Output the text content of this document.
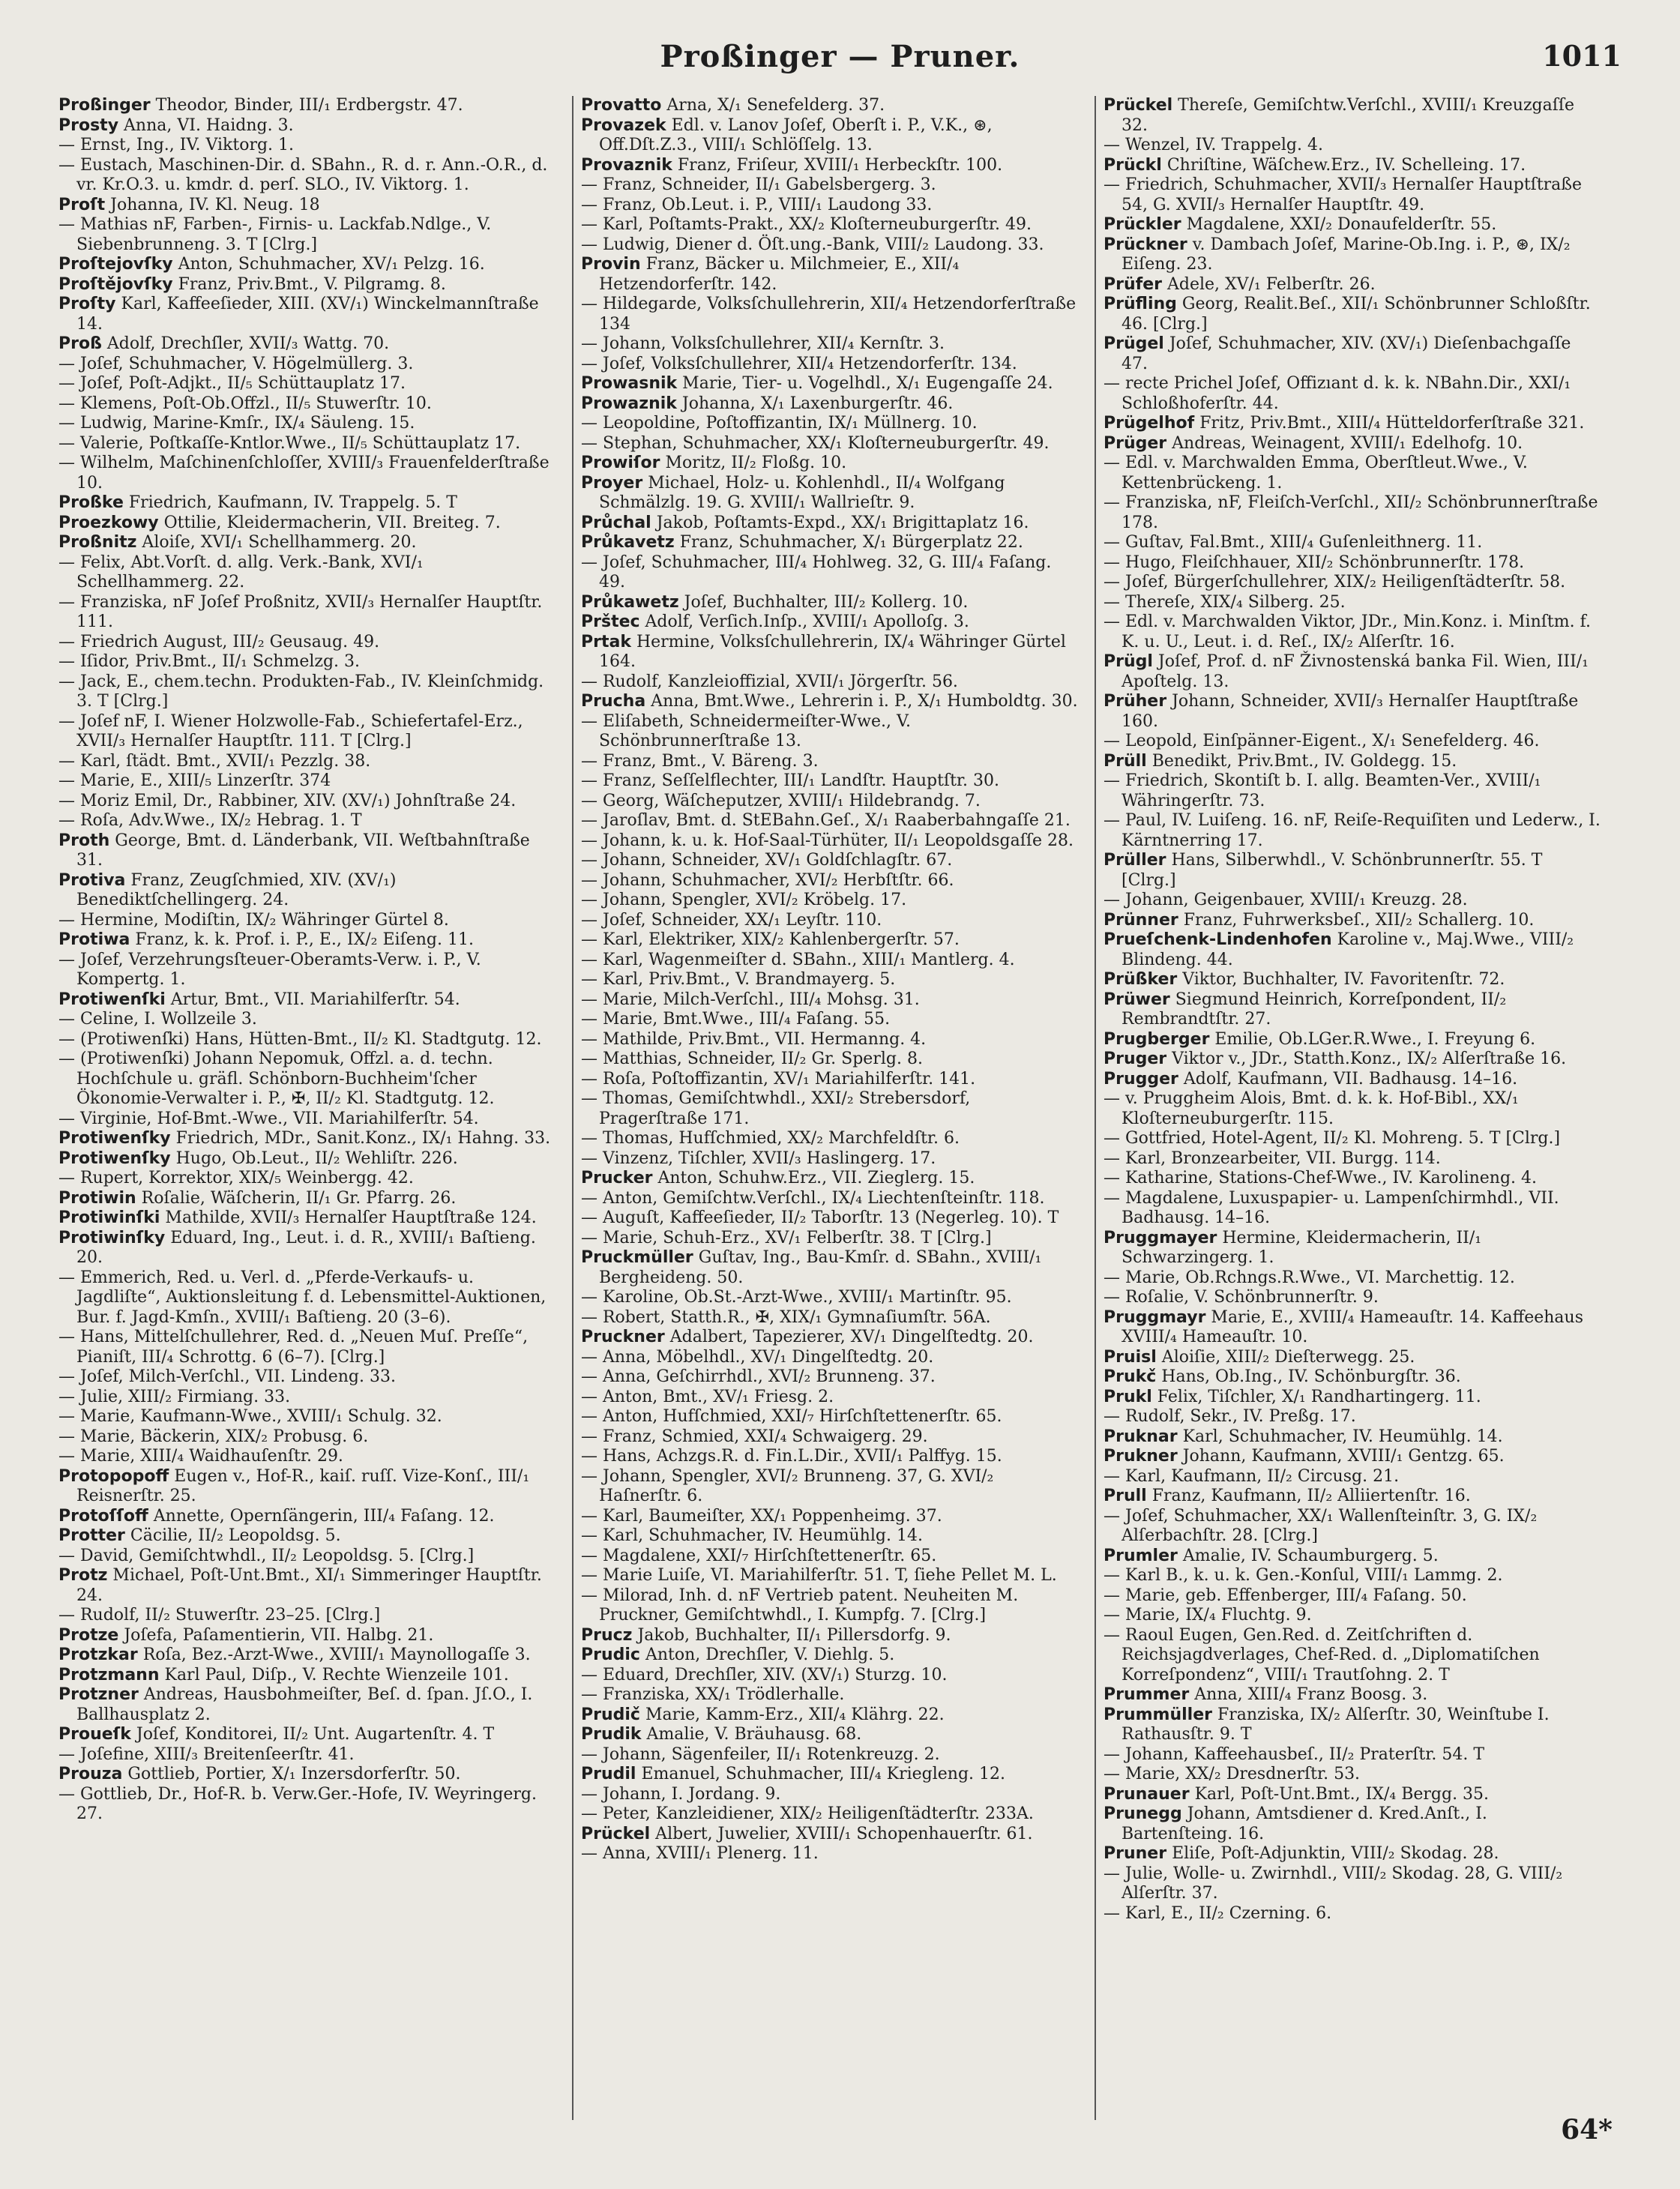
Proßinger — Pruner.	1011

Proßinger Theodor, Binder, III/₁ Erdbergstr. 47.

Prosty Anna, VI. Haidng. 3.

— Ernst, Ing., IV. Viktorg. 1.

— Eustach, Maschinen-Dir. d. SBahn., R. d. r. Ann.-O.R., d. vr. Kr.O.3. u. kmdr. d. perſ. SLO., IV. Viktorg. 1.

Proſt Johanna, IV. Kl. Neug. 18

— Mathias nF, Farben-, Firnis- u. Lackfab.Ndlge., V. Siebenbrunneng. 3. T [Clrg.]

Proſtejovſky Anton, Schuhmacher, XV/₁ Pelzg. 16.

Proſtějovſky Franz, Priv.Bmt., V. Pilgramg. 8.

Proſty Karl, Kaffeeſieder, XIII. (XV/₁) Winckelmannſtraße 14.

Proß Adolf, Drechſler, XVII/₃ Wattg. 70.

— Joſef, Schuhmacher, V. Högelmüllerg. 3.

— Joſef, Poſt-Adjkt., II/₅ Schüttauplatz 17.

— Klemens, Poſt-Ob.Offzl., II/₅ Stuwerſtr. 10.

— Ludwig, Marine-Kmſr., IX/₄ Säuleng. 15.

— Valerie, Poſtkaſſe-Kntlor.Wwe., II/₅ Schüttauplatz 17.

— Wilhelm, Maſchinenſchloſſer, XVIII/₃ Frauenfelderſtraße 10.

Proßke Friedrich, Kaufmann, IV. Trappelg. 5. T

Proezkowy Ottilie, Kleidermacherin, VII. Breiteg. 7.

Proßnitz Aloiſe, XVI/₁ Schellhammerg. 20.

— Felix, Abt.Vorſt. d. allg. Verk.-Bank, XVI/₁ Schellhammerg. 22.

— Franziska, nF Joſef Proßnitz, XVII/₃ Hernalſer Hauptſtr. 111.

— Friedrich August, III/₂ Geusaug. 49.

— Iſidor, Priv.Bmt., II/₁ Schmelzg. 3.

— Jack, E., chem.techn. Produkten-Fab., IV. Kleinſchmidg. 3. T [Clrg.]

— Joſef nF, I. Wiener Holzwolle-Fab., Schiefertafel-Erz., XVII/₃ Hernalſer Hauptſtr. 111. T [Clrg.]

— Karl, ſtädt. Bmt., XVII/₁ Pezzlg. 38.

— Marie, E., XIII/₅ Linzerſtr. 374

— Moriz Emil, Dr., Rabbiner, XIV. (XV/₁) Johnſtraße 24.

— Roſa, Adv.Wwe., IX/₂ Hebrag. 1. T

Proth George, Bmt. d. Länderbank, VII. Weſtbahnſtraße 31.

Protiva Franz, Zeugſchmied, XIV. (XV/₁) Benediktſchellingerg. 24.

— Hermine, Modiſtin, IX/₂ Währinger Gürtel 8.

Protiwa Franz, k. k. Prof. i. P., E., IX/₂ Eiſeng. 11.

— Joſef, Verzehrungsſteuer-Oberamts-Verw. i. P., V. Kompertg. 1.

Protiwenſki Artur, Bmt., VII. Mariahilferſtr. 54.

— Celine, I. Wollzeile 3.

— (Protiwenſki) Hans, Hütten-Bmt., II/₂ Kl. Stadtgutg. 12.

— (Protiwenſki) Johann Nepomuk, Offzl. a. d. techn. Hochſchule u. gräfl. Schönborn-Buchheim'ſcher Ökonomie-Verwalter i. P., ✠, II/₂ Kl. Stadtgutg. 12.

— Virginie, Hof-Bmt.-Wwe., VII. Mariahilferſtr. 54.

Protiwenſky Friedrich, MDr., Sanit.Konz., IX/₁ Hahng. 33.

Protiwenſky Hugo, Ob.Leut., II/₂ Wehliſtr. 226.

— Rupert, Korrektor, XIX/₅ Weinbergg. 42.

Protiwin Roſalie, Wäſcherin, II/₁ Gr. Pfarrg. 26.

Protiwinſki Mathilde, XVII/₃ Hernalſer Hauptſtraße 124.

Protiwinſky Eduard, Ing., Leut. i. d. R., XVIII/₁ Baſtieng. 20.

— Emmerich, Red. u. Verl. d. „Pferde-Verkaufs- u. Jagdliſte“, Auktionsleitung f. d. Lebensmittel-Auktionen, Bur. f. Jagd-Kmſn., XVIII/₁ Baſtieng. 20 (3–6).

— Hans, Mittelſchullehrer, Red. d. „Neuen Muſ. Preſſe“, Pianiſt, III/₄ Schrottg. 6 (6–7). [Clrg.]

— Joſef, Milch-Verſchl., VII. Lindeng. 33.

— Julie, XIII/₂ Firmiang. 33.

— Marie, Kaufmann-Wwe., XVIII/₁ Schulg. 32.

— Marie, Bäckerin, XIX/₂ Probusg. 6.

— Marie, XIII/₄ Waidhauſenſtr. 29.

Protopopoff Eugen v., Hof-R., kaiſ. ruſſ. Vize-Konſ., III/₁ Reisnerſtr. 25.

Protoſſoff Annette, Opernſängerin, III/₄ Faſang. 12.

Protter Cäcilie, II/₂ Leopoldsg. 5.

— David, Gemiſchtwhdl., II/₂ Leopoldsg. 5. [Clrg.]

Protz Michael, Poſt-Unt.Bmt., XI/₁ Simmeringer Hauptſtr. 24.

— Rudolf, II/₂ Stuwerſtr. 23–25. [Clrg.]

Protze Joſefa, Paſamentierin, VII. Halbg. 21.

Protzkar Roſa, Bez.-Arzt-Wwe., XVIII/₁ Maynollogaſſe 3.

Protzmann Karl Paul, Diſp., V. Rechte Wienzeile 101.

Protzner Andreas, Hausbohmeiſter, Beſ. d. ſpan. Jſ.O., I. Ballhausplatz 2.

Proueſk Joſef, Konditorei, II/₂ Unt. Augartenſtr. 4. T

— Joſefine, XIII/₃ Breitenſeerſtr. 41.

Prouza Gottlieb, Portier, X/₁ Inzersdorferſtr. 50.

— Gottlieb, Dr., Hof-R. b. Verw.Ger.-Hofe, IV. Weyringerg. 27.

Provatto Arna, X/₁ Senefelderg. 37.

Provazek Edl. v. Lanov Joſef, Oberſt i. P., V.K., ⊛, Off.Dſt.Z.3., VIII/₁ Schlöſſelg. 13.

Provaznik Franz, Friſeur, XVIII/₁ Herbeckſtr. 100.

— Franz, Schneider, II/₁ Gabelsbergerg. 3.

— Franz, Ob.Leut. i. P., VIII/₁ Laudong 33.

— Karl, Poſtamts-Prakt., XX/₂ Kloſterneuburgerſtr. 49.

— Ludwig, Diener d. Öſt.ung.-Bank, VIII/₂ Laudong. 33.

Provin Franz, Bäcker u. Milchmeier, E., XII/₄ Hetzendorferſtr. 142.

— Hildegarde, Volksſchullehrerin, XII/₄ Hetzendorferſtraße 134

— Johann, Volksſchullehrer, XII/₄ Kernſtr. 3.

— Joſef, Volksſchullehrer, XII/₄ Hetzendorferſtr. 134.

Prowasnik Marie, Tier- u. Vogelhdl., X/₁ Eugengaſſe 24.

Prowaznik Johanna, X/₁ Laxenburgerſtr. 46.

— Leopoldine, Poſtoffizantin, IX/₁ Müllnerg. 10.

— Stephan, Schuhmacher, XX/₁ Kloſterneuburgerſtr. 49.

Prowiſor Moritz, II/₂ Floßg. 10.

Proyer Michael, Holz- u. Kohlenhdl., II/₄ Wolfgang Schmälzlg. 19. G. XVIII/₁ Wallrieſtr. 9.

Průchal Jakob, Poſtamts-Expd., XX/₁ Brigittaplatz 16.

Průkavetz Franz, Schuhmacher, X/₁ Bürgerplatz 22.

— Joſef, Schuhmacher, III/₄ Hohlweg. 32, G. III/₄ Faſang. 49.

Průkawetz Joſef, Buchhalter, III/₂ Kollerg. 10.

Prštec Adolf, Verſich.Inſp., XVIII/₁ Apolloſg. 3.

Prtak Hermine, Volksſchullehrerin, IX/₄ Währinger Gürtel 164.

— Rudolf, Kanzleioffizial, XVII/₁ Jörgerſtr. 56.

Prucha Anna, Bmt.Wwe., Lehrerin i. P., X/₁ Humboldtg. 30.

— Eliſabeth, Schneidermeiſter-Wwe., V. Schönbrunnerſtraße 13.

— Franz, Bmt., V. Bäreng. 3.

— Franz, Seſſelflechter, III/₁ Landſtr. Hauptſtr. 30.

— Georg, Wäſcheputzer, XVIII/₁ Hildebrandg. 7.

— Jaroſlav, Bmt. d. StEBahn.Geſ., X/₁ Raaberbahngaſſe 21.

— Johann, k. u. k. Hof-Saal-Türhüter, II/₁ Leopoldsgaſſe 28.

— Johann, Schneider, XV/₁ Goldſchlagſtr. 67.

— Johann, Schuhmacher, XVI/₂ Herbſtſtr. 66.

— Johann, Spengler, XVI/₂ Kröbelg. 17.

— Joſef, Schneider, XX/₁ Leyſtr. 110.

— Karl, Elektriker, XIX/₂ Kahlenbergerſtr. 57.

— Karl, Wagenmeiſter d. SBahn., XIII/₁ Mantlerg. 4.

— Karl, Priv.Bmt., V. Brandmayerg. 5.

— Marie, Milch-Verſchl., III/₄ Mohsg. 31.

— Marie, Bmt.Wwe., III/₄ Faſang. 55.

— Mathilde, Priv.Bmt., VII. Hermanng. 4.

— Matthias, Schneider, II/₂ Gr. Sperlg. 8.

— Roſa, Poſtoffizantin, XV/₁ Mariahilferſtr. 141.

— Thomas, Gemiſchtwhdl., XXI/₂ Strebersdorf, Pragerſtraße 171.

— Thomas, Hufſchmied, XX/₂ Marchfeldſtr. 6.

— Vinzenz, Tiſchler, XVII/₃ Haslingerg. 17.

Prucker Anton, Schuhw.Erz., VII. Zieglerg. 15.

— Anton, Gemiſchtw.Verſchl., IX/₄ Liechtenſteinſtr. 118.

— Auguſt, Kaffeeſieder, II/₂ Taborſtr. 13 (Negerleg. 10). T

— Marie, Schuh-Erz., XV/₁ Felberſtr. 38. T [Clrg.]

Pruckmüller Guſtav, Ing., Bau-Kmſr. d. SBahn., XVIII/₁ Bergheideng. 50.

— Karoline, Ob.St.-Arzt-Wwe., XVIII/₁ Martinſtr. 95.

— Robert, Statth.R., ✠, XIX/₁ Gymnaſiumſtr. 56A.

Pruckner Adalbert, Tapezierer, XV/₁ Dingelſtedtg. 20.

— Anna, Möbelhdl., XV/₁ Dingelſtedtg. 20.

— Anna, Geſchirrhdl., XVI/₂ Brunneng. 37.

— Anton, Bmt., XV/₁ Friesg. 2.

— Anton, Hufſchmied, XXI/₇ Hirſchſtettenerſtr. 65.

— Franz, Schmied, XXI/₄ Schwaigerg. 29.

— Hans, Achzgs.R. d. Fin.L.Dir., XVII/₁ Palffyg. 15.

— Johann, Spengler, XVI/₂ Brunneng. 37, G. XVI/₂ Haſnerſtr. 6.

— Karl, Baumeiſter, XX/₁ Poppenheimg. 37.

— Karl, Schuhmacher, IV. Heumühlg. 14.

— Magdalene, XXI/₇ Hirſchſtettenerſtr. 65.

— Marie Luiſe, VI. Mariahilferſtr. 51. T, ſiehe Pellet M. L.

— Milorad, Inh. d. nF Vertrieb patent. Neuheiten M. Pruckner, Gemiſchtwhdl., I. Kumpfg. 7. [Clrg.]

Prucz Jakob, Buchhalter, II/₁ Pillersdorfg. 9.

Prudic Anton, Drechſler, V. Diehlg. 5.

— Eduard, Drechſler, XIV. (XV/₁) Sturzg. 10.

— Franziska, XX/₁ Trödlerhalle.

Prudič Marie, Kamm-Erz., XII/₄ Klährg. 22.

Prudik Amalie, V. Bräuhausg. 68.

— Johann, Sägenfeiler, II/₁ Rotenkreuzg. 2.

Prudil Emanuel, Schuhmacher, III/₄ Kriegleng. 12.

— Johann, I. Jordang. 9.

— Peter, Kanzleidiener, XIX/₂ Heiligenſtädterſtr. 233A.

Prückel Albert, Juwelier, XVIII/₁ Schopenhauerſtr. 61.

— Anna, XVIII/₁ Plenerg. 11.

Prückel Thereſe, Gemiſchtw.Verſchl., XVIII/₁ Kreuzgaſſe 32.

— Wenzel, IV. Trappelg. 4.

Prückl Chriſtine, Wäſchew.Erz., IV. Schelleing. 17.

— Friedrich, Schuhmacher, XVII/₃ Hernalſer Hauptſtraße 54, G. XVII/₃ Hernalſer Hauptſtr. 49.

Prückler Magdalene, XXI/₂ Donaufelderſtr. 55.

Prückner v. Dambach Joſef, Marine-Ob.Ing. i. P., ⊛, IX/₂ Eiſeng. 23.

Prüfer Adele, XV/₁ Felberſtr. 26.

Prüfling Georg, Realit.Beſ., XII/₁ Schönbrunner Schloßſtr. 46. [Clrg.]

Prügel Joſef, Schuhmacher, XIV. (XV/₁) Dieſenbachgaſſe 47.

— recte Prichel Joſef, Offizıant d. k. k. NBahn.Dir., XXI/₁ Schloßhoferſtr. 44.

Prügelhof Fritz, Priv.Bmt., XIII/₄ Hütteldorferſtraße 321.

Prüger Andreas, Weinagent, XVIII/₁ Edelhofg. 10.

— Edl. v. Marchwalden Emma, Oberſtleut.Wwe., V. Kettenbrückeng. 1.

— Franziska, nF, Fleiſch-Verſchl., XII/₂ Schönbrunnerſtraße 178.

— Guſtav, Fal.Bmt., XIII/₄ Guſenleithnerg. 11.

— Hugo, Fleiſchhauer, XII/₂ Schönbrunnerſtr. 178.

— Joſef, Bürgerſchullehrer, XIX/₂ Heiligenſtädterſtr. 58.

— Thereſe, XIX/₄ Silberg. 25.

— Edl. v. Marchwalden Viktor, JDr., Min.Konz. i. Minſtm. f. K. u. U., Leut. i. d. Reſ., IX/₂ Alſerſtr. 16.

Prügl Joſef, Prof. d. nF Živnostenská banka Fil. Wien, III/₁ Apoſtelg. 13.

Prüher Johann, Schneider, XVII/₃ Hernalſer Hauptſtraße 160.

— Leopold, Einſpänner-Eigent., X/₁ Senefelderg. 46.

Prüll Benedikt, Priv.Bmt., IV. Goldegg. 15.

— Friedrich, Skontiſt b. I. allg. Beamten-Ver., XVIII/₁ Währingerſtr. 73.

— Paul, IV. Luiſeng. 16. nF, Reiſe-Requiſiten und Lederw., I. Kärntnerring 17.

Prüller Hans, Silberwhdl., V. Schönbrunnerſtr. 55. T [Clrg.]

— Johann, Geigenbauer, XVIII/₁ Kreuzg. 28.

Prünner Franz, Fuhrwerksbeſ., XII/₂ Schallerg. 10.

Prueſchenk-Lindenhofen Karoline v., Maj.Wwe., VIII/₂ Blindeng. 44.

Prüßker Viktor, Buchhalter, IV. Favoritenſtr. 72.

Prüwer Siegmund Heinrich, Korreſpondent, II/₂ Rembrandtſtr. 27.

Prugberger Emilie, Ob.LGer.R.Wwe., I. Freyung 6.

Pruger Viktor v., JDr., Statth.Konz., IX/₂ Alſerſtraße 16.

Prugger Adolf, Kaufmann, VII. Badhausg. 14–16.

— v. Pruggheim Alois, Bmt. d. k. k. Hof-Bibl., XX/₁ Kloſterneuburgerſtr. 115.

— Gottfried, Hotel-Agent, II/₂ Kl. Mohreng. 5. T [Clrg.]

— Karl, Bronzearbeiter, VII. Burgg. 114.

— Katharine, Stations-Chef-Wwe., IV. Karolineng. 4.

— Magdalene, Luxuspapier- u. Lampenſchirmhdl., VII. Badhausg. 14–16.

Pruggmayer Hermine, Kleidermacherin, II/₁ Schwarzingerg. 1.

— Marie, Ob.Rchngs.R.Wwe., VI. Marchettig. 12.

— Roſalie, V. Schönbrunnerſtr. 9.

Pruggmayr Marie, E., XVIII/₄ Hameauſtr. 14. Kaffeehaus XVIII/₄ Hameauſtr. 10.

Pruisl Aloiſie, XIII/₂ Dieſterwegg. 25.

Prukč Hans, Ob.Ing., IV. Schönburgſtr. 36.

Prukl Felix, Tiſchler, X/₁ Randhartingerg. 11.

— Rudolf, Sekr., IV. Preßg. 17.

Pruknar Karl, Schuhmacher, IV. Heumühlg. 14.

Prukner Johann, Kaufmann, XVIII/₁ Gentzg. 65.

— Karl, Kaufmann, II/₂ Circusg. 21.

Prull Franz, Kaufmann, II/₂ Alliiertenſtr. 16.

— Joſef, Schuhmacher, XX/₁ Wallenſteinſtr. 3, G. IX/₂ Alſerbachſtr. 28. [Clrg.]

Prumler Amalie, IV. Schaumburgerg. 5.

— Karl B., k. u. k. Gen.-Konſul, VIII/₁ Lammg. 2.

— Marie, geb. Effenberger, III/₄ Faſang. 50.

— Marie, IX/₄ Fluchtg. 9.

— Raoul Eugen, Gen.Red. d. Zeitſchriften d. Reichsjagdverlages, Chef-Red. d. „Diplomatiſchen Korreſpondenz“, VIII/₁ Trautſohng. 2. T

Prummer Anna, XIII/₄ Franz Boosg. 3.

Prummüller Franziska, IX/₂ Alſerſtr. 30, Weinſtube I. Rathausſtr. 9. T

— Johann, Kaffeehausbeſ., II/₂ Praterſtr. 54. T

— Marie, XX/₂ Dresdnerſtr. 53.

Prunauer Karl, Poſt-Unt.Bmt., IX/₄ Bergg. 35.

Prunegg Johann, Amtsdiener d. Kred.Anſt., I. Bartenſteing. 16.

Pruner Eliſe, Poſt-Adjunktin, VIII/₂ Skodag. 28.

— Julie, Wolle- u. Zwirnhdl., VIII/₂ Skodag. 28, G. VIII/₂ Alſerſtr. 37.

— Karl, E., II/₂ Czerning. 6.

64*
